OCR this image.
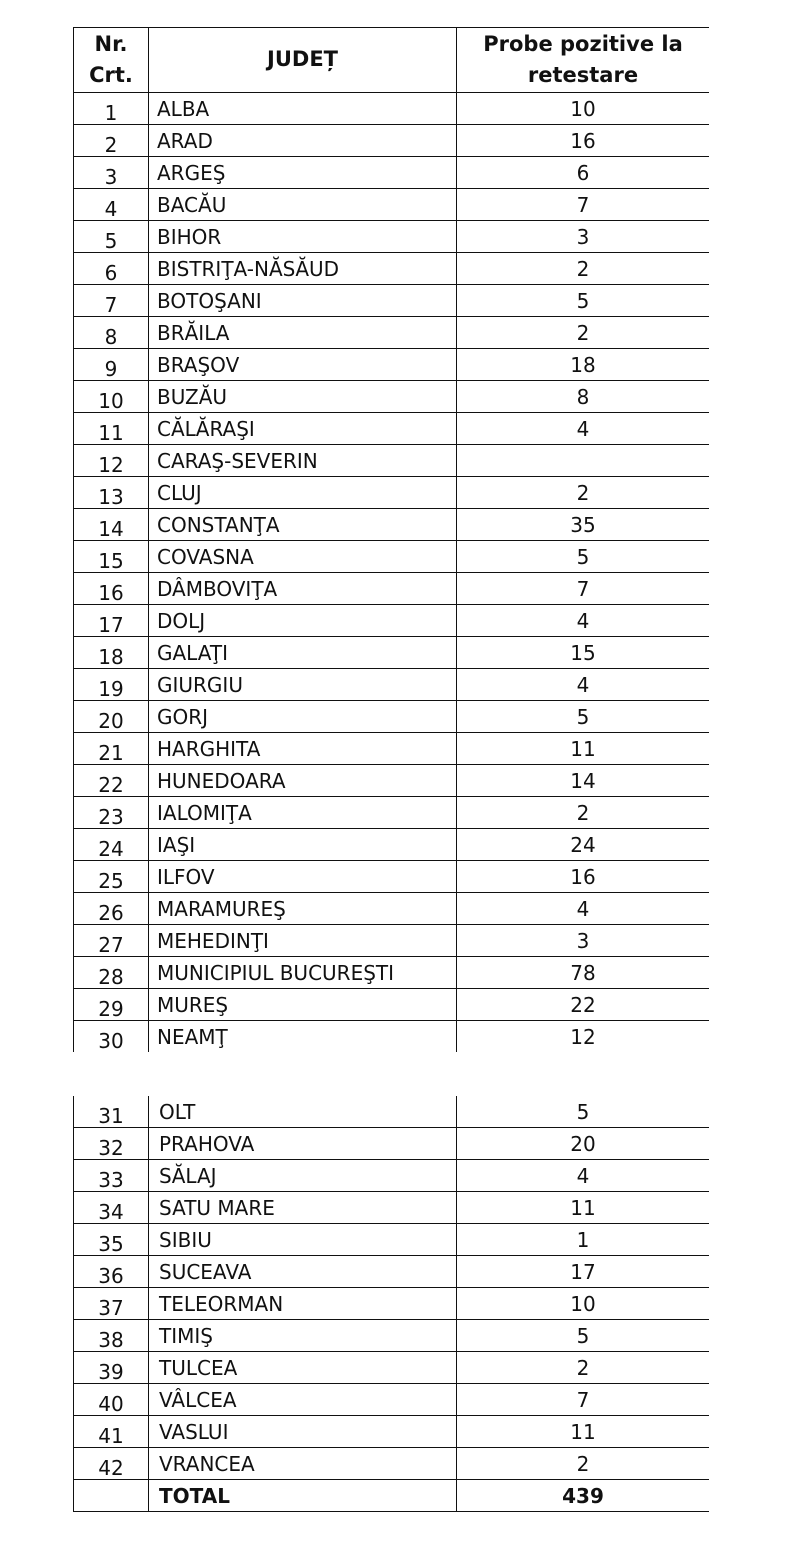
Nr. Crt.	JUDEȚ	Probe pozitive la retestare
1	ALBA	10
2	ARAD	16
3	ARGEŞ	6
4	BACĂU	7
5	BIHOR	3
6	BISTRIŢA-NĂSĂUD	2
7	BOTOŞANI	5
8	BRĂILA	2
9	BRAŞOV	18
10	BUZĂU	8
11	CĂLĂRAŞI	4
12	CARAŞ-SEVERIN	
13	CLUJ	2
14	CONSTANŢA	35
15	COVASNA	5
16	DÂMBOVIŢA	7
17	DOLJ	4
18	GALAŢI	15
19	GIURGIU	4
20	GORJ	5
21	HARGHITA	11
22	HUNEDOARA	14
23	IALOMIŢA	2
24	IAŞI	24
25	ILFOV	16
26	MARAMUREŞ	4
27	MEHEDINŢI	3
28	MUNICIPIUL BUCUREŞTI	78
29	MUREŞ	22
30	NEAMŢ	12
31	OLT	5
32	PRAHOVA	20
33	SĂLAJ	4
34	SATU MARE	11
35	SIBIU	1
36	SUCEAVA	17
37	TELEORMAN	10
38	TIMIŞ	5
39	TULCEA	2
40	VÂLCEA	7
41	VASLUI	11
42	VRANCEA	2
	TOTAL	439
